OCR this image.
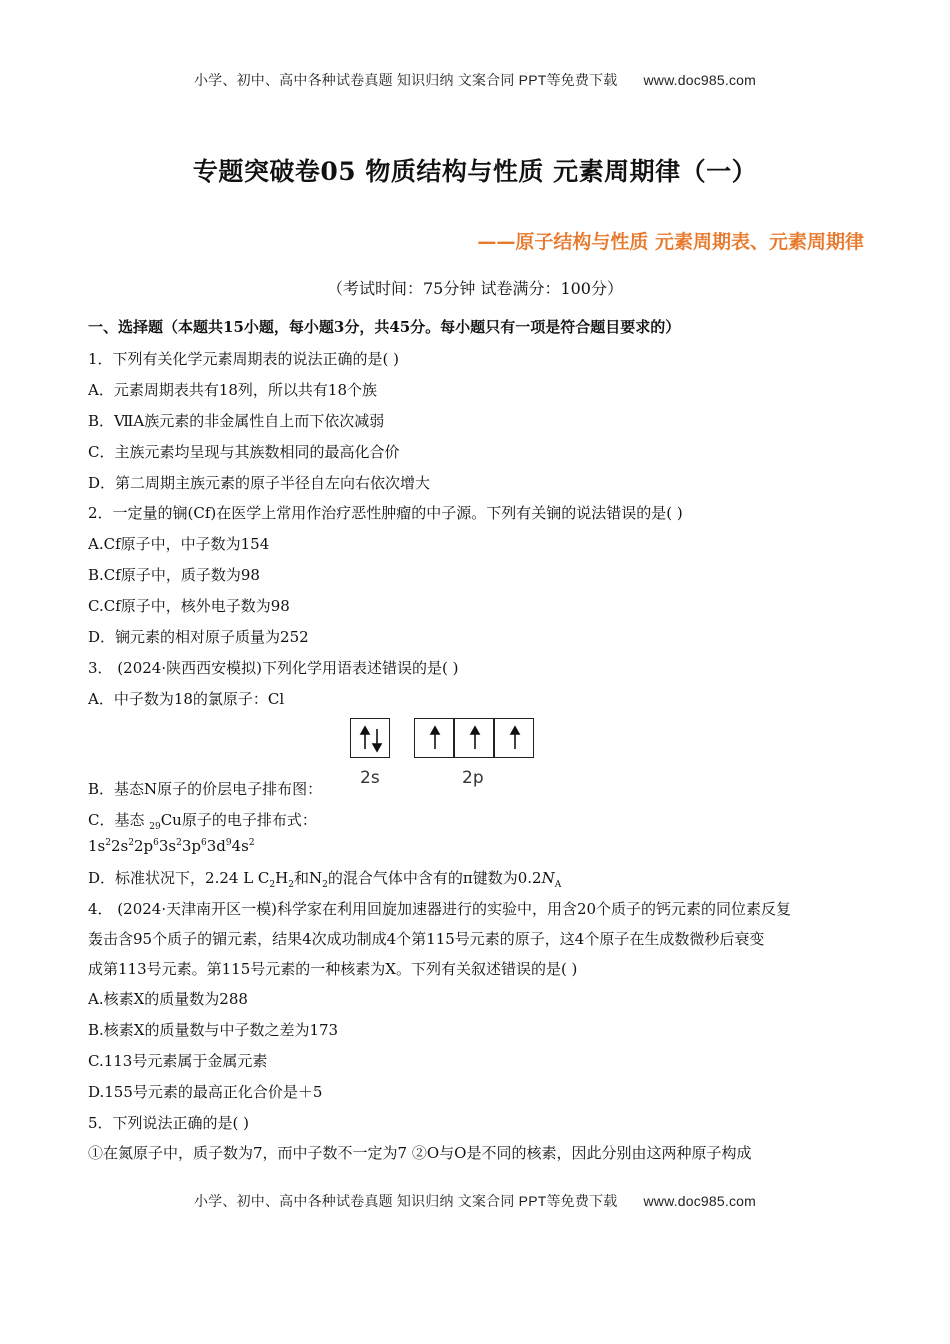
小学、初中、高中各种试卷真题 知识归纳 文案合同 PPT等免费下载 www.doc985.com
专题突破卷05 物质结构与性质 元素周期律（一）
——原子结构与性质 元素周期表、元素周期律
（考试时间：75分钟 试卷满分：100分）
一、选择题（本题共15小题，每小题3分，共45分。每小题只有一项是符合题目要求的）
1．下列有关化学元素周期表的说法正确的是( )
A．元素周期表共有18列，所以共有18个族
B．ⅦA族元素的非金属性自上而下依次减弱
C．主族元素均呈现与其族数相同的最高化合价
D．第二周期主族元素的原子半径自左向右依次增大
2．一定量的锎(Cf)在医学上常用作治疗恶性肿瘤的中子源。下列有关锎的说法错误的是( )
A.Cf原子中，中子数为154
B.Cf原子中，质子数为98
C.Cf原子中，核外电子数为98
D．锎元素的相对原子质量为252
3． (2024·陕西西安模拟)下列化学用语表述错误的是( )
A．中子数为18的氯原子：Cl
2s	2p
B．基态N原子的价层电子排布图：
C．基态 $_{29}$Cu原子的电子排布式：
$1s^22s^22p^63s^23p^63d^94s^2$
D．标准状况下，2.24 L $C_2H_2$和$N_2$的混合气体中含有的π键数为$0.2N_A$
4． (2024·天津南开区一模)科学家在利用回旋加速器进行的实验中，用含20个质子的钙元素的同位素反复
轰击含95个质子的镅元素，结果4次成功制成4个第115号元素的原子，这4个原子在生成数微秒后衰变
成第113号元素。第115号元素的一种核素为X。下列有关叙述错误的是( )
A.核素X的质量数为288
B.核素X的质量数与中子数之差为173
C.113号元素属于金属元素
D.155号元素的最高正化合价是＋5
5．下列说法正确的是( )
①在氮原子中，质子数为7，而中子数不一定为7 ②O与O是不同的核素，因此分别由这两种原子构成
小学、初中、高中各种试卷真题 知识归纳 文案合同 PPT等免费下载 www.doc985.com
